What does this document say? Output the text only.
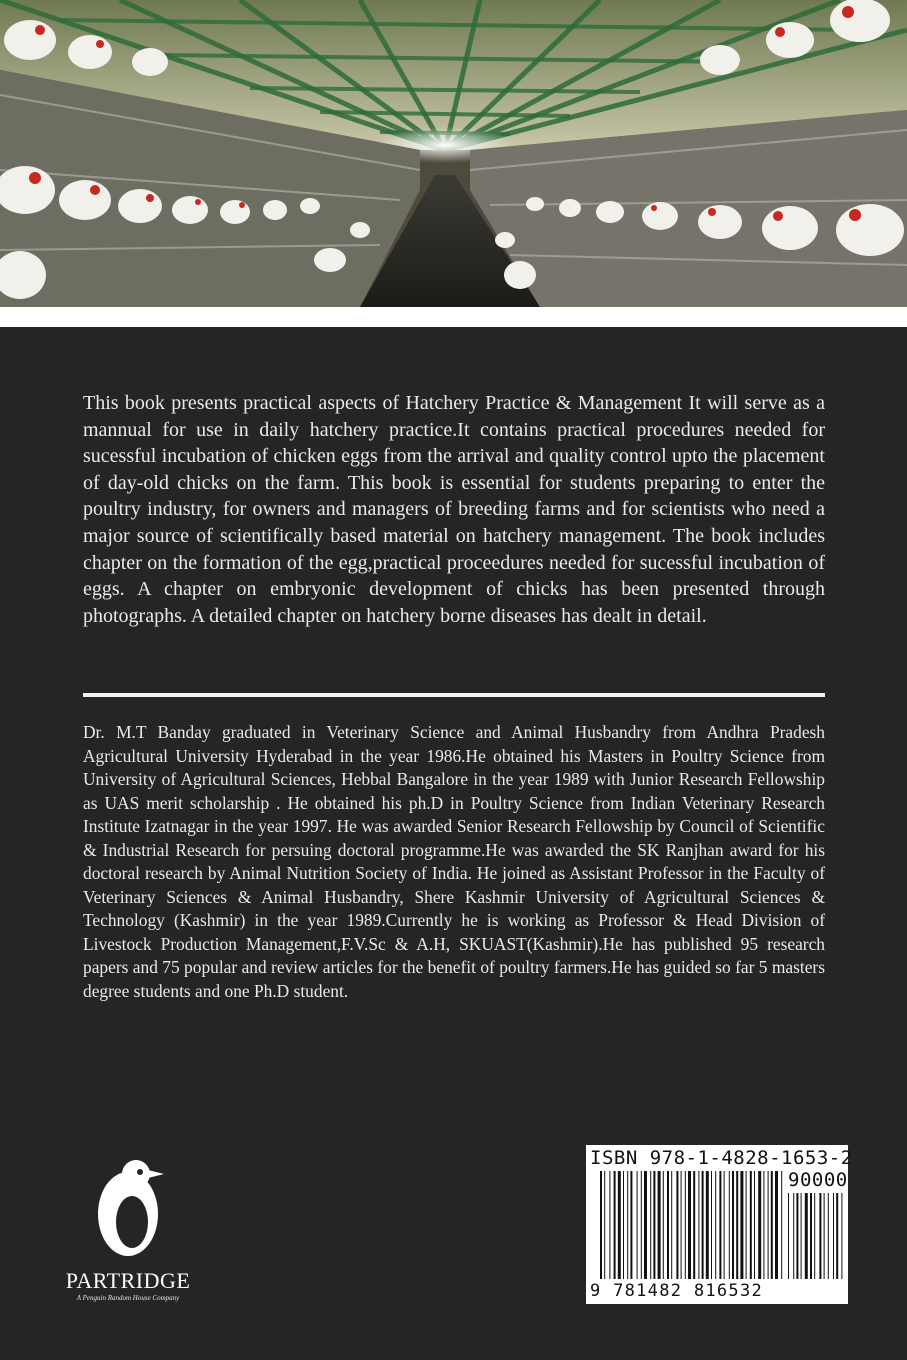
This book presents practical aspects of Hatchery Practice & Management It will serve as a mannual for use in daily hatchery practice.It contains practical procedures needed for sucessful incubation of chicken eggs from the arrival and quality control upto the placement of day-old chicks on the farm. This book is essential for students preparing to enter the poultry industry, for owners and managers of breeding farms and for scientists who need a major source of scientifically based material on hatchery management. The book includes chapter on the formation of the egg,practical proceedures needed for sucessful incubation of eggs. A chapter on embryonic development of chicks has been presented through photographs. A detailed chapter on hatchery borne diseases has dealt in detail.

Dr. M.T Banday graduated in Veterinary Science and Animal Husbandry from Andhra Pradesh Agricultural University Hyderabad in the year 1986.He obtained his Masters in Poultry Science from University of Agricultural Sciences, Hebbal Bangalore in the year 1989 with Junior Research Fellowship as UAS merit scholarship . He obtained his ph.D in Poultry Science from Indian Veterinary Research Institute Izatnagar in the year 1997. He was awarded Senior Research Fellowship by Council of Scientific & Industrial Research for persuing doctoral programme.He was awarded the SK Ranjhan award for his doctoral research by Animal Nutrition Society of India. He joined as Assistant Professor in the Faculty of Veterinary Sciences & Animal Husbandry, Shere Kashmir University of Agricultural Sciences & Technology (Kashmir) in the year 1989.Currently he is working as Professor & Head Division of Livestock Production Management,F.V.Sc & A.H, SKUAST(Kashmir).He has published 95 research papers and 75 popular and review articles for the benefit of poultry farmers.He has guided so far 5 masters degree students and one Ph.D student.

PARTRIDGE
A Penguin Random House Company
ISBN 978-1-4828-1653-2
90000
9 781482 816532
